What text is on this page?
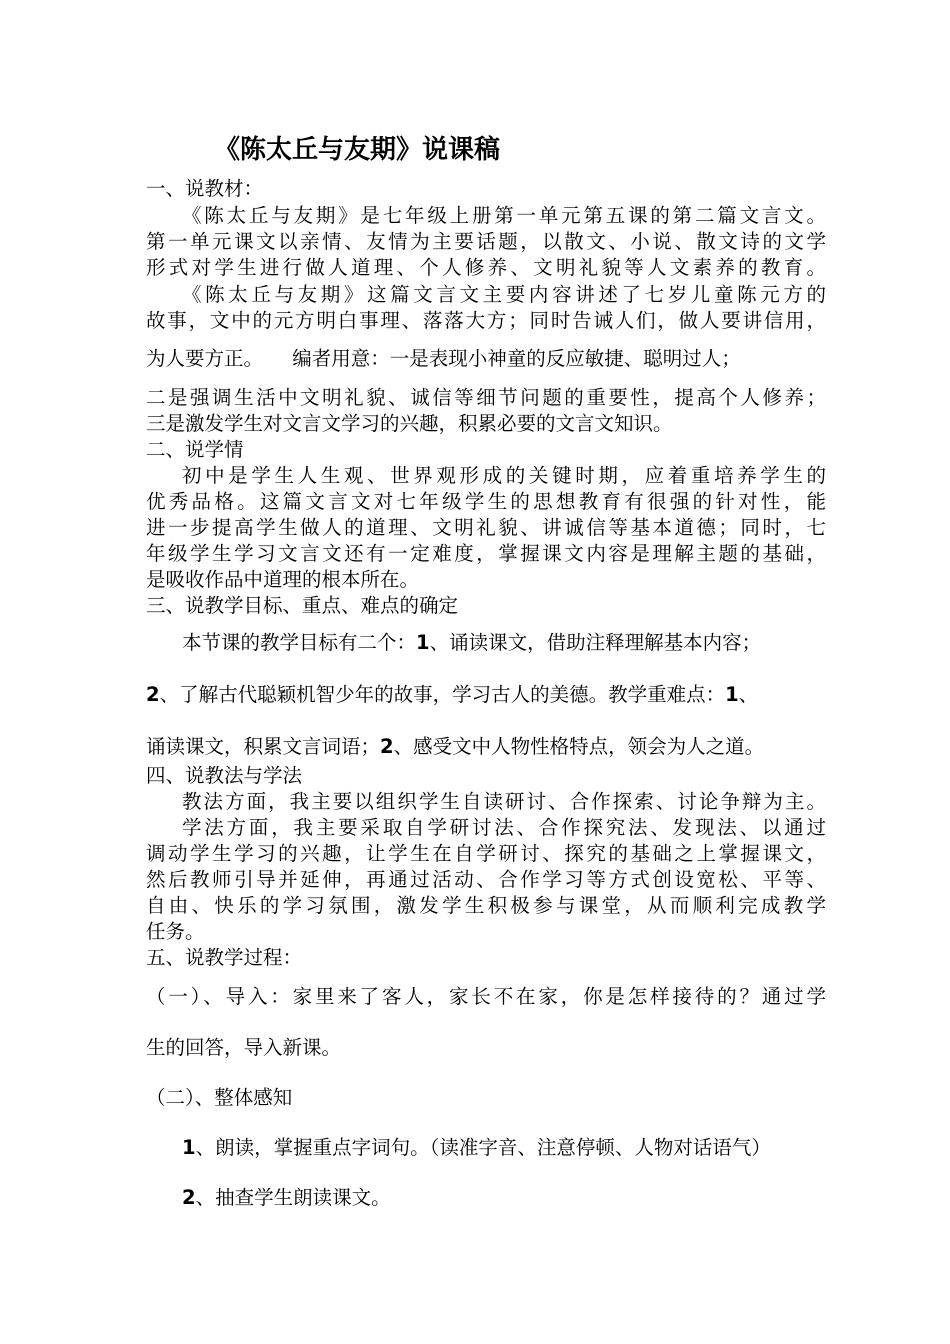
《陈太丘与友期》说课稿
一、说教材：
《陈太丘与友期》是七年级上册第一单元第五课的第二篇文言文。
第一单元课文以亲情、友情为主要话题，以散文、小说、散文诗的文学
形式对学生进行做人道理、个人修养、文明礼貌等人文素养的教育。
《陈太丘与友期》这篇文言文主要内容讲述了七岁儿童陈元方的
故事，文中的元方明白事理、落落大方；同时告诫人们，做人要讲信用，
为人要方正。　　编者用意：一是表现小神童的反应敏捷、聪明过人；
二是强调生活中文明礼貌、诚信等细节问题的重要性，提高个人修养；
三是激发学生对文言文学习的兴趣，积累必要的文言文知识。
二、说学情
初中是学生人生观、世界观形成的关键时期，应着重培养学生的
优秀品格。这篇文言文对七年级学生的思想教育有很强的针对性，能
进一步提高学生做人的道理、文明礼貌、讲诚信等基本道德；同时，七
年级学生学习文言文还有一定难度，掌握课文内容是理解主题的基础，
是吸收作品中道理的根本所在。
三、说教学目标、重点、难点的确定
本节课的教学目标有二个：1、诵读课文，借助注释理解基本内容；
2、了解古代聪颖机智少年的故事，学习古人的美德。教学重难点：1、
诵读课文，积累文言词语；2、感受文中人物性格特点，领会为人之道。
四、说教法与学法
教法方面，我主要以组织学生自读研讨、合作探索、讨论争辩为主。
学法方面，我主要采取自学研讨法、合作探究法、发现法、以通过
调动学生学习的兴趣，让学生在自学研讨、探究的基础之上掌握课文，
然后教师引导并延伸，再通过活动、合作学习等方式创设宽松、平等、
自由、快乐的学习氛围，激发学生积极参与课堂，从而顺利完成教学
任务。
五、说教学过程：
（一）、导入：家里来了客人，家长不在家，你是怎样接待的？通过学
生的回答，导入新课。
（二）、整体感知
1、朗读，掌握重点字词句。（读准字音、注意停顿、人物对话语气）
2、抽查学生朗读课文。
